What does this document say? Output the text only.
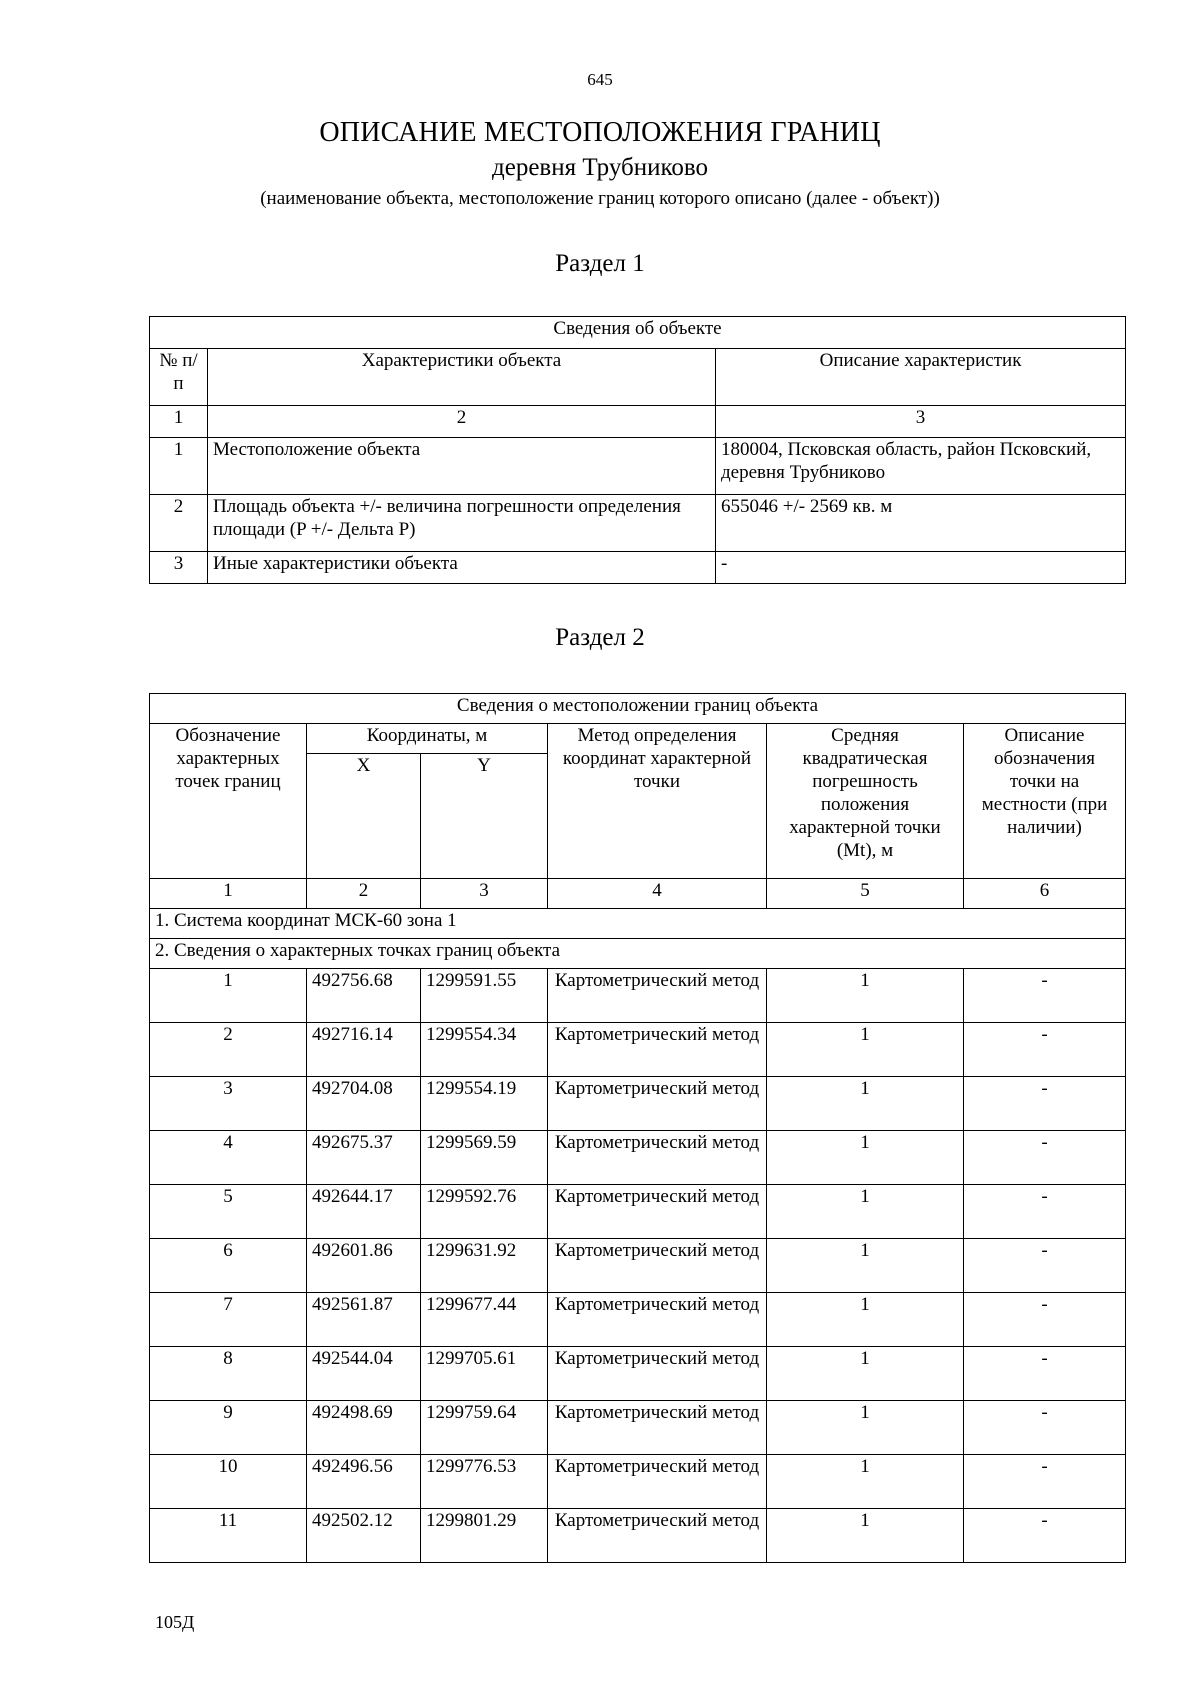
645
ОПИСАНИЕ МЕСТОПОЛОЖЕНИЯ ГРАНИЦ
деревня Трубниково
(наименование объекта, местоположение границ которого описано (далее - объект))
Раздел 1
Сведения об объекте		
№ п/п	Характеристики объекта	Описание характеристик
1	2	3
1	Местоположение объекта	180004, Псковская область, район Псковский, деревня Трубниково
2	Площадь объекта +/- величина погрешности определения площади (P +/- Дельта P)	655046 +/- 2569 кв. м
3	Иные характеристики объекта	-
Раздел 2
Сведения о местоположении границ объекта					
Обозначение характерных точек границ	Координаты, м		Метод определения координат характерной точки	Средняя квадратическая погрешность положения характерной точки (Mt), м	Описание обозначения точки на местности (при наличии)
	X	Y			
1	2	3	4	5	6
1. Система координат МСК-60 зона 1					
2. Сведения о характерных точках границ объекта					
1	492756.68	1299591.55	Картометрический метод	1	-
2	492716.14	1299554.34	Картометрический метод	1	-
3	492704.08	1299554.19	Картометрический метод	1	-
4	492675.37	1299569.59	Картометрический метод	1	-
5	492644.17	1299592.76	Картометрический метод	1	-
6	492601.86	1299631.92	Картометрический метод	1	-
7	492561.87	1299677.44	Картометрический метод	1	-
8	492544.04	1299705.61	Картометрический метод	1	-
9	492498.69	1299759.64	Картометрический метод	1	-
10	492496.56	1299776.53	Картометрический метод	1	-
11	492502.12	1299801.29	Картометрический метод	1	-
105Д
